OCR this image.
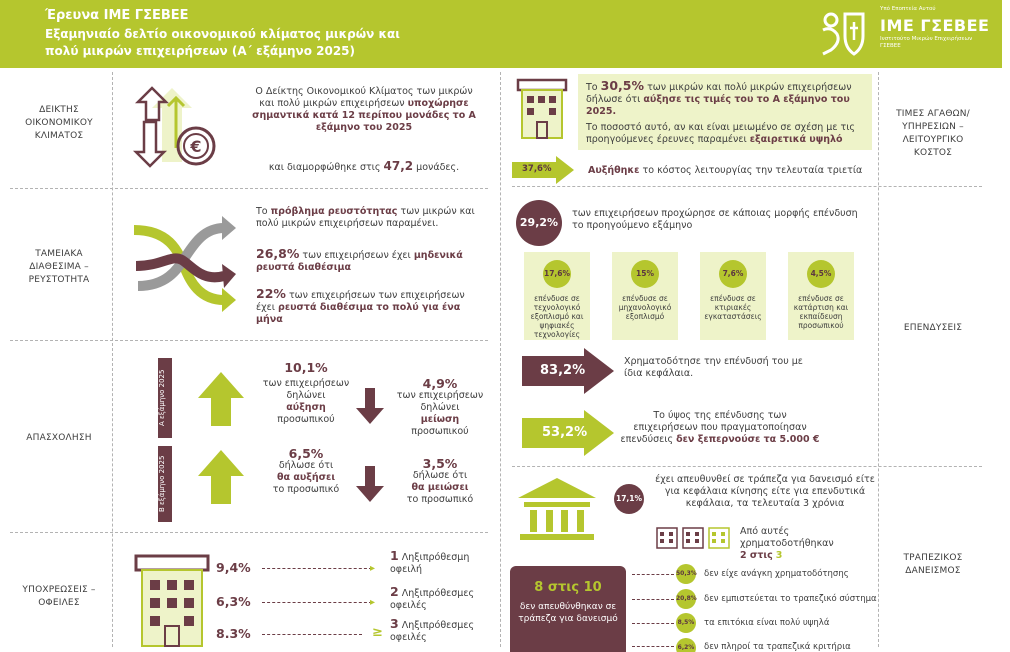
Έρευνα ΙΜΕ ΓΣΕΒΕΕ
Εξαμηνιαίο δελτίο οικονομικού κλίματος μικρών και πολύ μικρών επιχειρήσεων (Α΄ εξάμηνο 2025)
Υπό Εποπτεία Αυτού
ΙΜΕ ΓΣΕΒΕΕ
Ινστιτούτο Μικρών Επιχειρήσεων ΓΣΕΒΕΕ
ΔΕΙΚΤΗΣ ΟΙΚΟΝΟΜΙΚΟΥ ΚΛΙΜΑΤΟΣ
ΤΑΜΕΙΑΚΑ ΔΙΑΘΕΣΙΜΑ – ΡΕΥΣΤΟΤΗΤΑ
ΑΠΑΣΧΟΛΗΣΗ
ΥΠΟΧΡΕΩΣΕΙΣ – ΟΦΕΙΛΕΣ
ΤΙΜΕΣ ΑΓΑΘΩΝ/ ΥΠΗΡΕΣΙΩΝ – ΛΕΙΤΟΥΡΓΙΚΟ ΚΟΣΤΟΣ
ΕΠΕΝΔΥΣΕΙΣ
ΤΡΑΠΕΖΙΚΟΣ ΔΑΝΕΙΣΜΟΣ
€
Ο Δείκτης Οικονομικού Κλίματος των μικρών και πολύ μικρών επιχειρήσεων υποχώρησε σημαντικά κατά 12 περίπου μονάδες το Α εξάμηνο του 2025
και διαμορφώθηκε στις 47,2 μονάδες.
Το πρόβλημα ρευστότητας των μικρών και πολύ μικρών επιχειρήσεων παραμένει.
26,8% των επιχειρήσεων έχει μηδενικά ρευστά διαθέσιμα
22% των επιχειρήσεων των επιχειρήσεων έχει ρευστά διαθέσιμα το πολύ για ένα μήνα
Α εξάμηνο 2025
Β εξάμηνο 2025
10,1%
των επιχειρήσεων δηλώνει
αύξηση
προσωπικού
4,9%
των επιχειρήσεων δηλώνει
μείωση
προσωπικού
6,5%
δήλωσε ότι
θα αυξήσει
το προσωπικό
3,5%
δήλωσε ότι
θα μειώσει
το προσωπικό
9,4%	▸
1 Ληξιπρόθεσμη οφειλή
6,3%	▸
2 Ληξιπρόθεσμες οφειλές
8.3%	≥
3 Ληξιπρόθεσμες οφειλές
Το 30,5% των μικρών και πολύ μικρών επιχειρήσεων δήλωσε ότι αύξησε τις τιμές του το Α εξάμηνο του 2025.
Το ποσοστό αυτό, αν και είναι μειωμένο σε σχέση με τις προηγούμενες έρευνες παραμένει εξαιρετικά υψηλό
37,6%	Αυξήθηκε το κόστος λειτουργίας την τελευταία τριετία
29,2%
των επιχειρήσεων προχώρησε σε κάποιας μορφής επένδυση το προηγούμενο εξάμηνο
17,6%
επένδυσε σε τεχνολογικό εξοπλισμό και ψηφιακές τεχνολογίες
15%
επένδυσε σε μηχανολογικό εξοπλισμό
7,6%
επένδυσε σε κτιριακές εγκαταστάσεις
4,5%
επένδυσε σε κατάρτιση και εκπαίδευση προσωπικού
83,2%
Χρηματοδότησε την επένδυσή του με ίδια κεφάλαια.
53,2%
Το ύψος της επένδυσης των επιχειρήσεων που πραγματοποίησαν επενδύσεις δεν ξεπερνούσε τα 5.000 €
17,1%
έχει απευθυνθεί σε τράπεζα για δανεισμό είτε για κεφάλαια κίνησης είτε για επενδυτικά κεφάλαια, τα τελευταία 3 χρόνια
Από αυτές χρηματοδοτήθηκαν
2 στις 3
8 στις 10
δεν απευθύνθηκαν σε τράπεζα για δανεισμό
50,3% δεν είχε ανάγκη χρηματοδότησης
20,8% δεν εμπιστεύεται το τραπεζικό σύστημα
8,5% τα επιτόκια είναι πολύ υψηλά
6,2% δεν πληροί τα τραπεζικά κριτήρια
